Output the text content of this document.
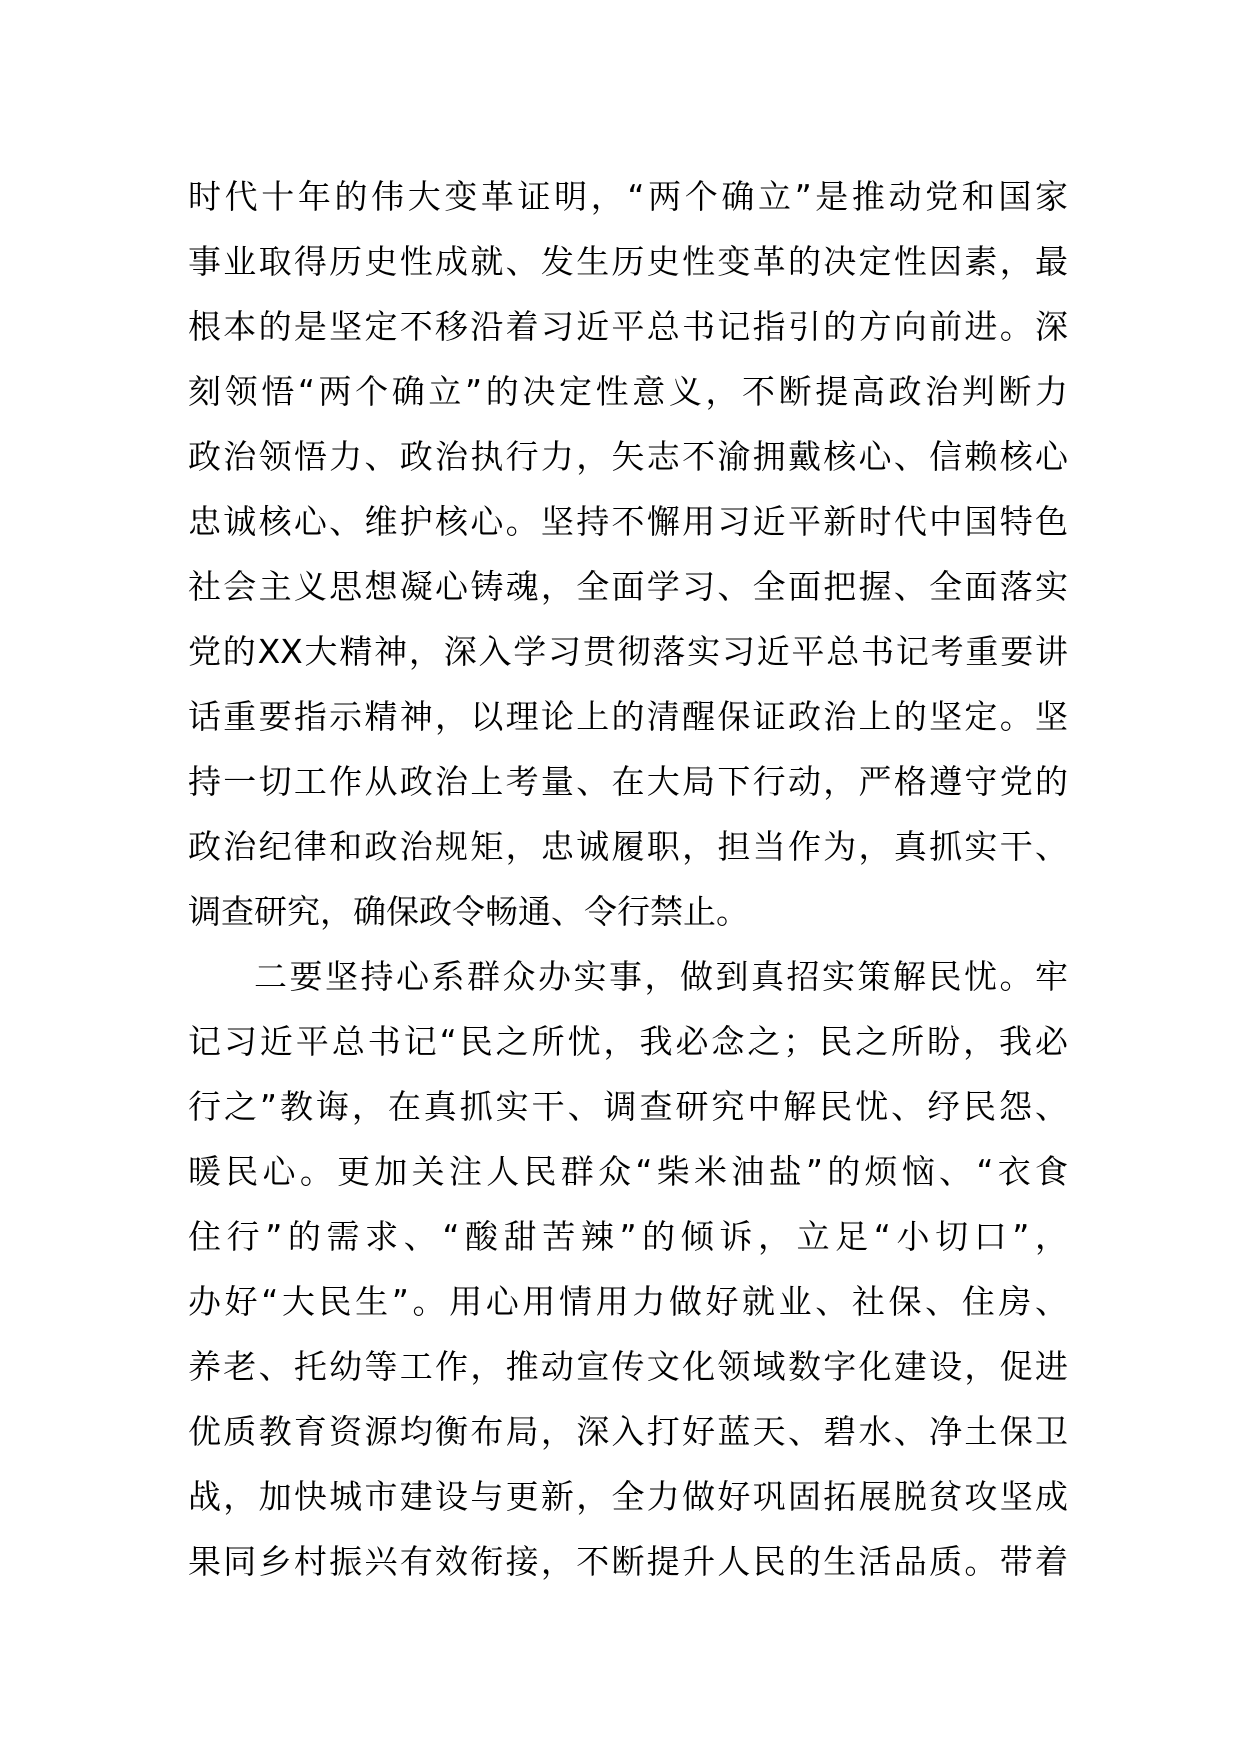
时代十年的伟大变革证明，“两个确立”是推动党和国家
事业取得历史性成就、发生历史性变革的决定性因素，最
根本的是坚定不移沿着习近平总书记指引的方向前进。深
刻领悟“两个确立”的决定性意义，不断提高政治判断力
政治领悟力、政治执行力，矢志不渝拥戴核心、信赖核心
忠诚核心、维护核心。坚持不懈用习近平新时代中国特色
社会主义思想凝心铸魂，全面学习、全面把握、全面落实
党的XX大精神，深入学习贯彻落实习近平总书记考重要讲
话重要指示精神，以理论上的清醒保证政治上的坚定。坚
持一切工作从政治上考量、在大局下行动，严格遵守党的
政治纪律和政治规矩，忠诚履职，担当作为，真抓实干、
调查研究，确保政令畅通、令行禁止。
二要坚持心系群众办实事，做到真招实策解民忧。牢
记习近平总书记“民之所忧，我必念之；民之所盼，我必
行之”教诲，在真抓实干、调查研究中解民忧、纾民怨、
暖民心。更加关注人民群众“柴米油盐”的烦恼、“衣食
住行”的需求、“酸甜苦辣”的倾诉，立足“小切口”，
办好“大民生”。用心用情用力做好就业、社保、住房、
养老、托幼等工作，推动宣传文化领域数字化建设，促进
优质教育资源均衡布局，深入打好蓝天、碧水、净土保卫
战，加快城市建设与更新，全力做好巩固拓展脱贫攻坚成
果同乡村振兴有效衔接，不断提升人民的生活品质。带着
